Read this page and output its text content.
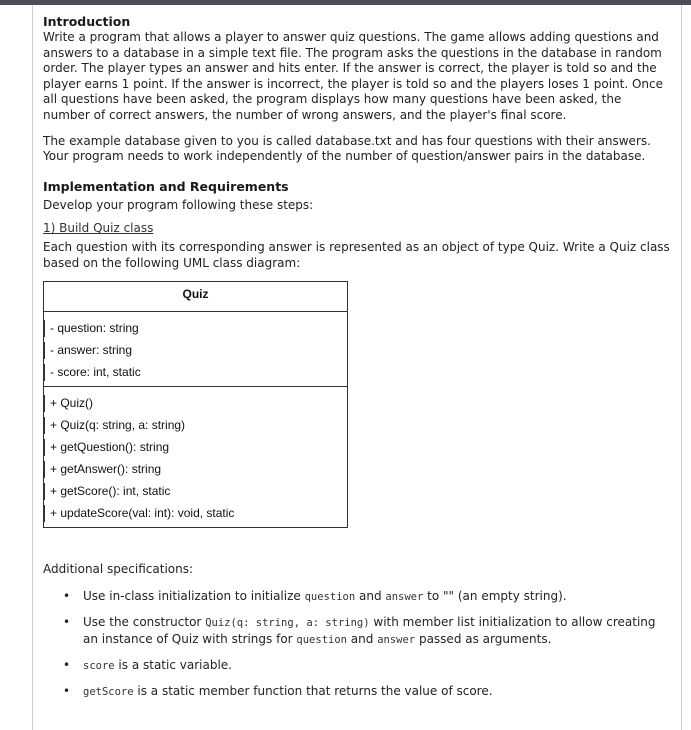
Introduction

Write a program that allows a player to answer quiz questions. The game allows adding questions and answers to a database in a simple text file. The program asks the questions in the database in random order. The player types an answer and hits enter. If the answer is correct, the player is told so and the player earns 1 point. If the answer is incorrect, the player is told so and the players loses 1 point. Once all questions have been asked, the program displays how many questions have been asked, the number of correct answers, the number of wrong answers, and the player's final score.

The example database given to you is called database.txt and has four questions with their answers. Your program needs to work independently of the number of question/answer pairs in the database.

Implementation and Requirements

Develop your program following these steps:

1) Build Quiz class

Each question with its corresponding answer is represented as an object of type Quiz. Write a Quiz class based on the following UML class diagram:

Quiz
- question: string
- answer: string
- score: int, static
+ Quiz()
+ Quiz(q: string, a: string)
+ getQuestion(): string
+ getAnswer(): string
+ getScore(): int, static
+ updateScore(val: int): void, static

Additional specifications:

• Use in-class initialization to initialize question and answer to "" (an empty string).
• Use the constructor Quiz(q: string, a: string) with member list initialization to allow creating an instance of Quiz with strings for question and answer passed as arguments.
• score is a static variable.
• getScore is a static member function that returns the value of score.
